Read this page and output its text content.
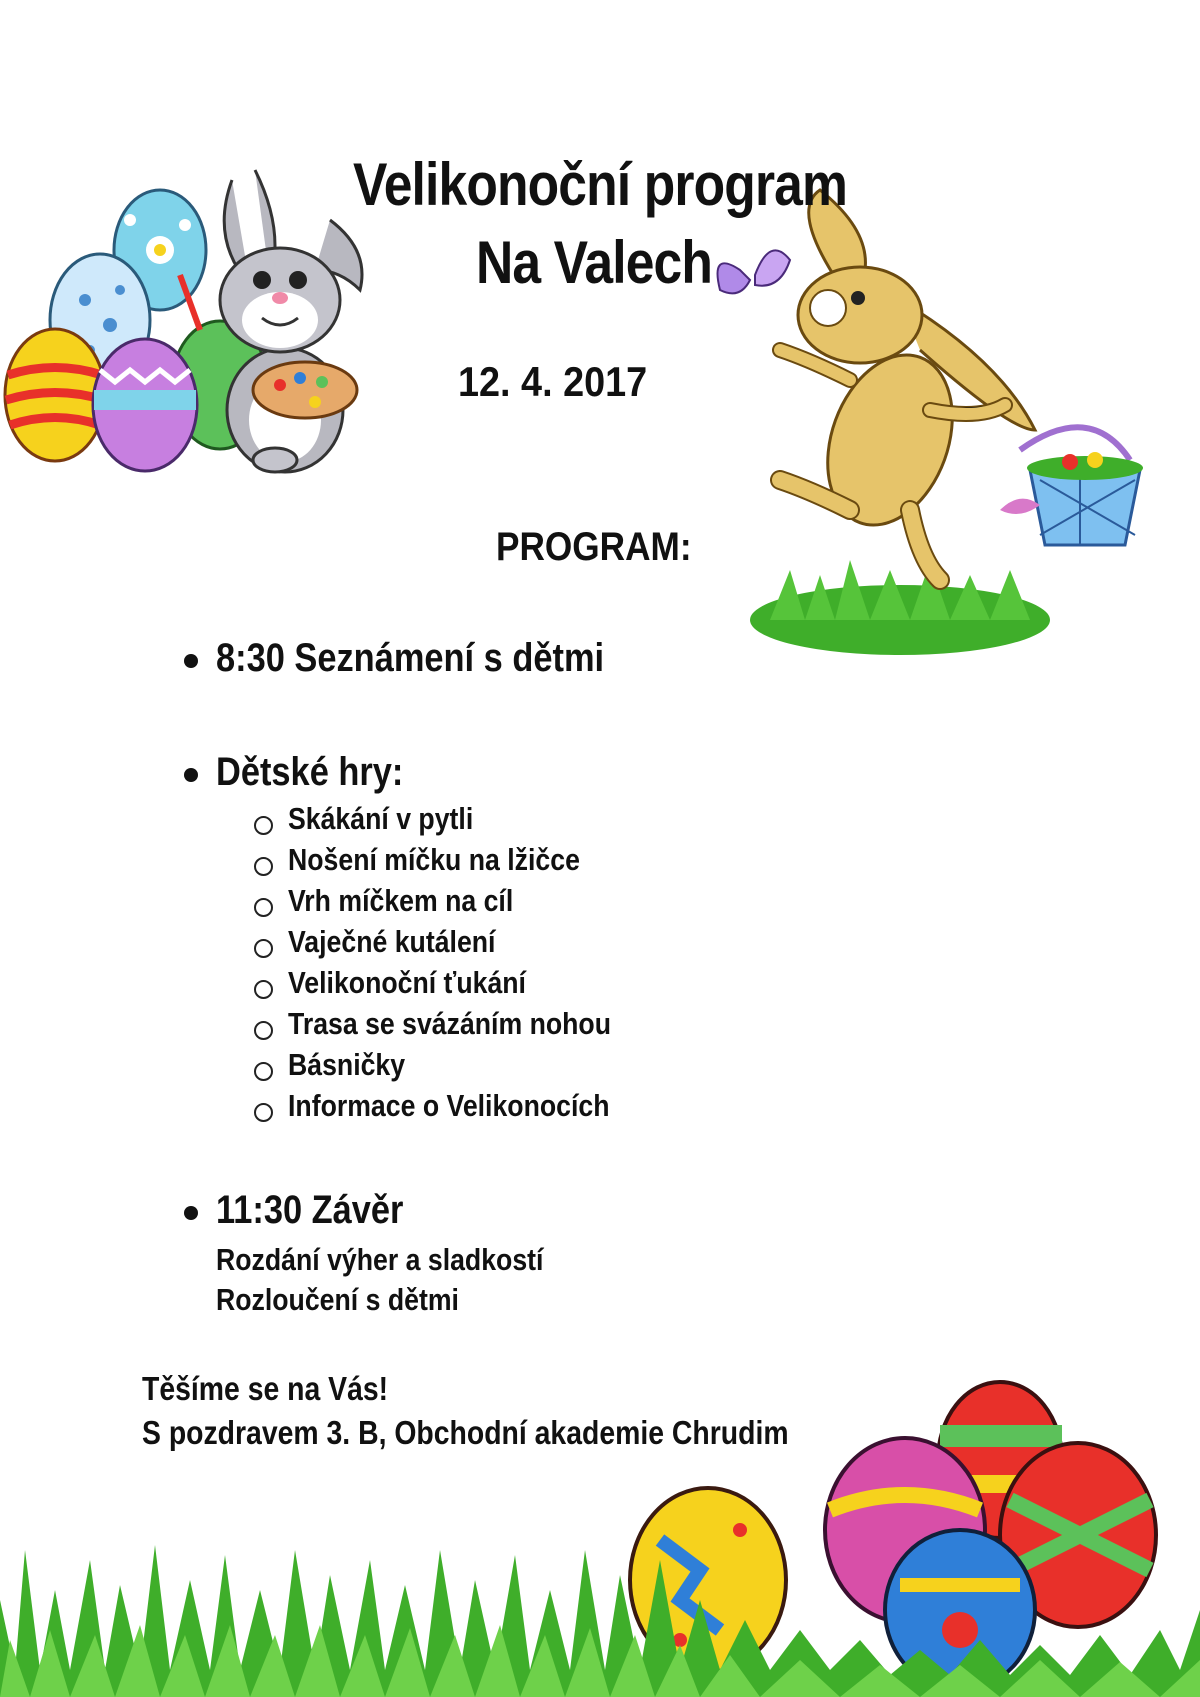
Velikonoční program
Na Valech
12. 4. 2017
PROGRAM:
8:30 Seznámení s dětmi
Dětské hry:
Skákání v pytli
Nošení míčku na lžičce
Vrh míčkem na cíl
Vaječné kutálení
Velikonoční ťukání
Trasa se svázáním nohou
Básničky
Informace o Velikonocích
11:30 Závěr
Rozdání výher a sladkostí
Rozloučení s dětmi
Těšíme se na Vás!
S pozdravem 3. B, Obchodní akademie Chrudim
